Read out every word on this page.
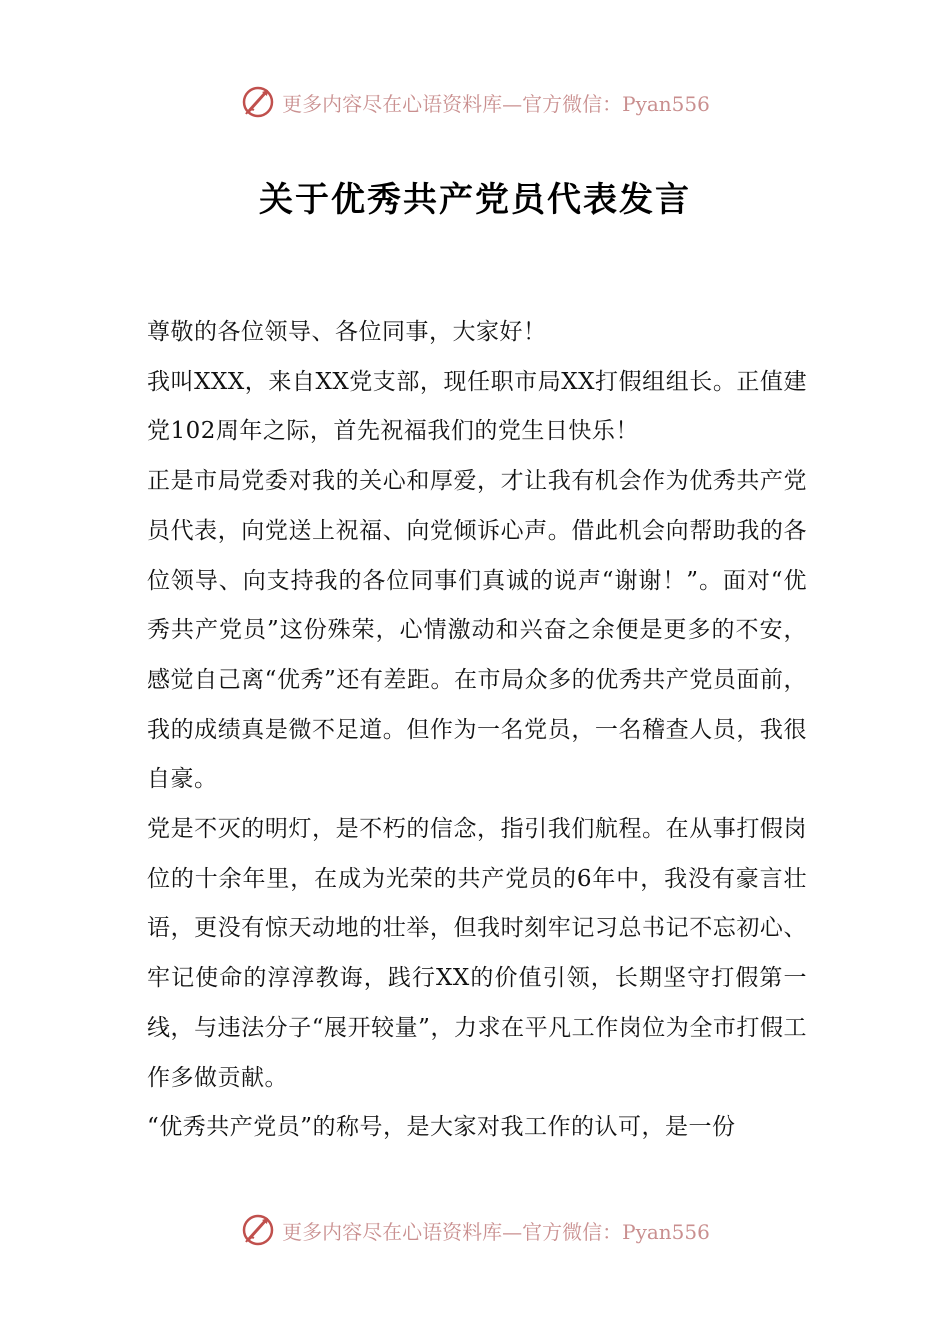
更多内容尽在心语资料库—官方微信：Pyan556
关于优秀共产党员代表发言

尊敬的各位领导、各位同事，大家好！

我叫XXX，来自XX党支部，现任职市局XX打假组组长。正值建党102周年之际，首先祝福我们的党生日快乐！

正是市局党委对我的关心和厚爱，才让我有机会作为优秀共产党员代表，向党送上祝福、向党倾诉心声。借此机会向帮助我的各位领导、向支持我的各位同事们真诚的说声“谢谢！”。面对“优秀共产党员”这份殊荣，心情激动和兴奋之余便是更多的不安，感觉自己离“优秀”还有差距。在市局众多的优秀共产党员面前，我的成绩真是微不足道。但作为一名党员，一名稽查人员，我很自豪。

党是不灭的明灯，是不朽的信念，指引我们航程。在从事打假岗位的十余年里，在成为光荣的共产党员的6年中，我没有豪言壮语，更没有惊天动地的壮举，但我时刻牢记习总书记不忘初心、牢记使命的淳淳教诲，践行XX的价值引领，长期坚守打假第一线，与违法分子“展开较量”，力求在平凡工作岗位为全市打假工作多做贡献。

“优秀共产党员”的称号，是大家对我工作的认可，是一份

更多内容尽在心语资料库—官方微信：Pyan556
